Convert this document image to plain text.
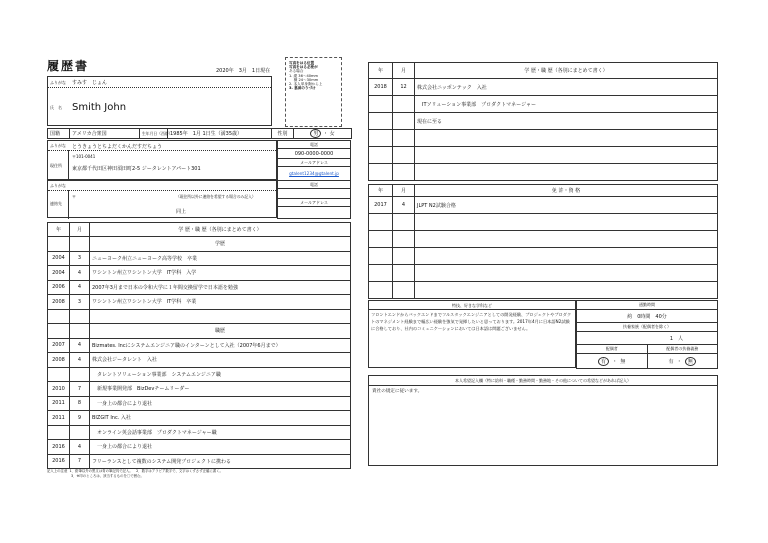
履歴書	2020年　3月　1日現在
写真をはる位置
写真をはる必要が
ある場合
1. 縦 36～40mm
　 横 24～30mm
2. 本人単身胸から上
3. 裏面のりづけ
ふりがな すみす　じょん
氏　名 Smith John
国籍	アメリカ合衆国	生年月日（西暦）	1985年　1月 1日生（満35歳）	性別	男 ・ 女
ふりがな とうきょうとちよだくかんだすだちょう
現住所
〒101-0041
東京都千代田区神田須田町2-5 ジータレントアパート301
電話
090-0000-0000
メールアドレス
gtalent1234@gtalent.jp
ふりがな
連絡先
〒	（現住所以外に連絡を希望する場合のみ記入）
同上
電話

メールアドレス

年	月	学 歴・職 歴（各別にまとめて書く）
		学歴
2004	3	ニューヨーク州立ニューヨーク高等学校　卒業
2004	4	ワシントン州立ワシントン大学　IT学科　入学
2006	4	2007年3月まで日本の令和大学に１年間交換留学で日本語を勉強
2008	3	ワシントン州立ワシントン大学　IT学科　卒業

		職歴
2007	4	Bizmates. Incにシステムエンジニア職のインターンとして入社（2007年6月まで）
2008	4	株式会社ジータレント　入社
		　タレントソリューション事業部　システムエンジニア職
2010	7	　新規事業開発部　BizDevチームリーダー
2011	8	　一身上の都合により退社
2011	9	BIZGIT Inc. 入社
		　オンライン英会話事業部　プロダクトマネージャー職
2016	4	　一身上の都合により退社
2016	7	フリーランスとして複数のシステム開発プロジェクトに携わる
記入上の注意 1．鉛筆以外の黒又は青の筆記具で記入。　2．数字はアラビア数字で、文字はくずさず正確に書く。
3．※印のところは、該当するものを〇で囲む。
年	月	学 歴・職 歴（各別にまとめて書く）
2018	12	株式会社ニッポンテック　入社
		　ITソリューション事業部　プロダクトマネージャー
		現在に至る

年	月	免 許・資 格
2017	4	JLPT N2試験合格

特技、好きな学科など
フロントエンドからバックエンドまでフルスタックエンジニアとしての開発経験、プロジェクトやプロダクトのマネジメント経験まで幅広い経験を強気で発揮したいと思っております。2017年4月に日本語N2試験に合格しており、社内のコミュニケーションにおいては日本語は問題ございません。
通勤時間	
約　0時間　40分	
扶養家族（配偶者を除く）	
1　人	
配偶者	配偶者の扶養義務
有  ・  無	有  ・  無
本人希望記入欄（特に給料・職種・勤務時間・勤務地・その他についての希望などがあれば記入）
貴社の規定に従います。
